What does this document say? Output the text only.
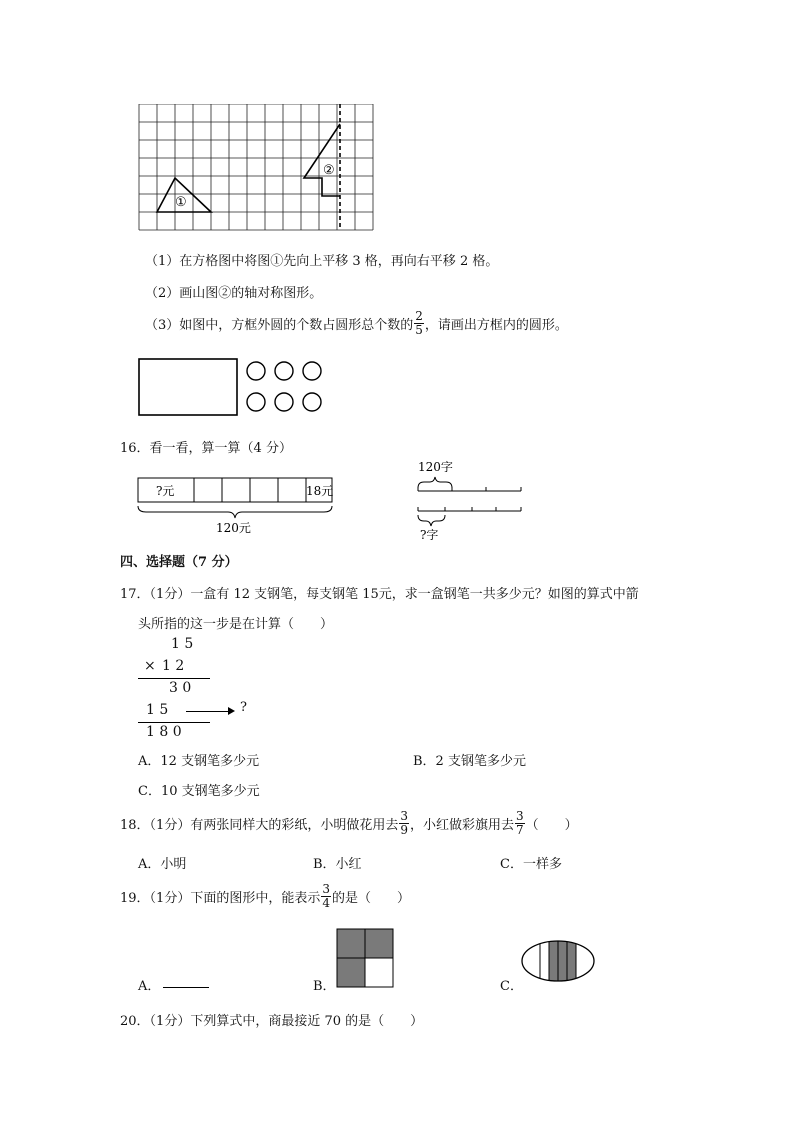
①
②
（1）在方格图中将图①先向上平移 3 格，再向右平移 2 格。
（2）画山图②的轴对称图形。
（3）如图中，方框外圆的个数占圆形总个数的 $\frac{2}{5}$ ，请画出方框内的圆形。
16．看一看，算一算（4 分）
?元	18元
120元
120字
?字
四、选择题（7 分）
17．（1分）一盒有 12 支钢笔，每支钢笔 15元，求一盒钢笔一共多少元？如图的算式中箭
头所指的这一步是在计算（　　）
1 5
× 1 2
3 0
1 5	?
1 8 0
A．12 支钢笔多少元	B．2 支钢笔多少元
C．10 支钢笔多少元
18．（1分）有两张同样大的彩纸，小明做花用去 $\frac{3}{9}$ ，小红做彩旗用去 $\frac{3}{7}$ （　　）
A．小明	B．小红	C．一样多
19．（1分）下面的图形中，能表示 $\frac{3}{4}$ 的是（　　）
A．	B．	C．
20．（1分）下列算式中，商最接近 70 的是（　　）
